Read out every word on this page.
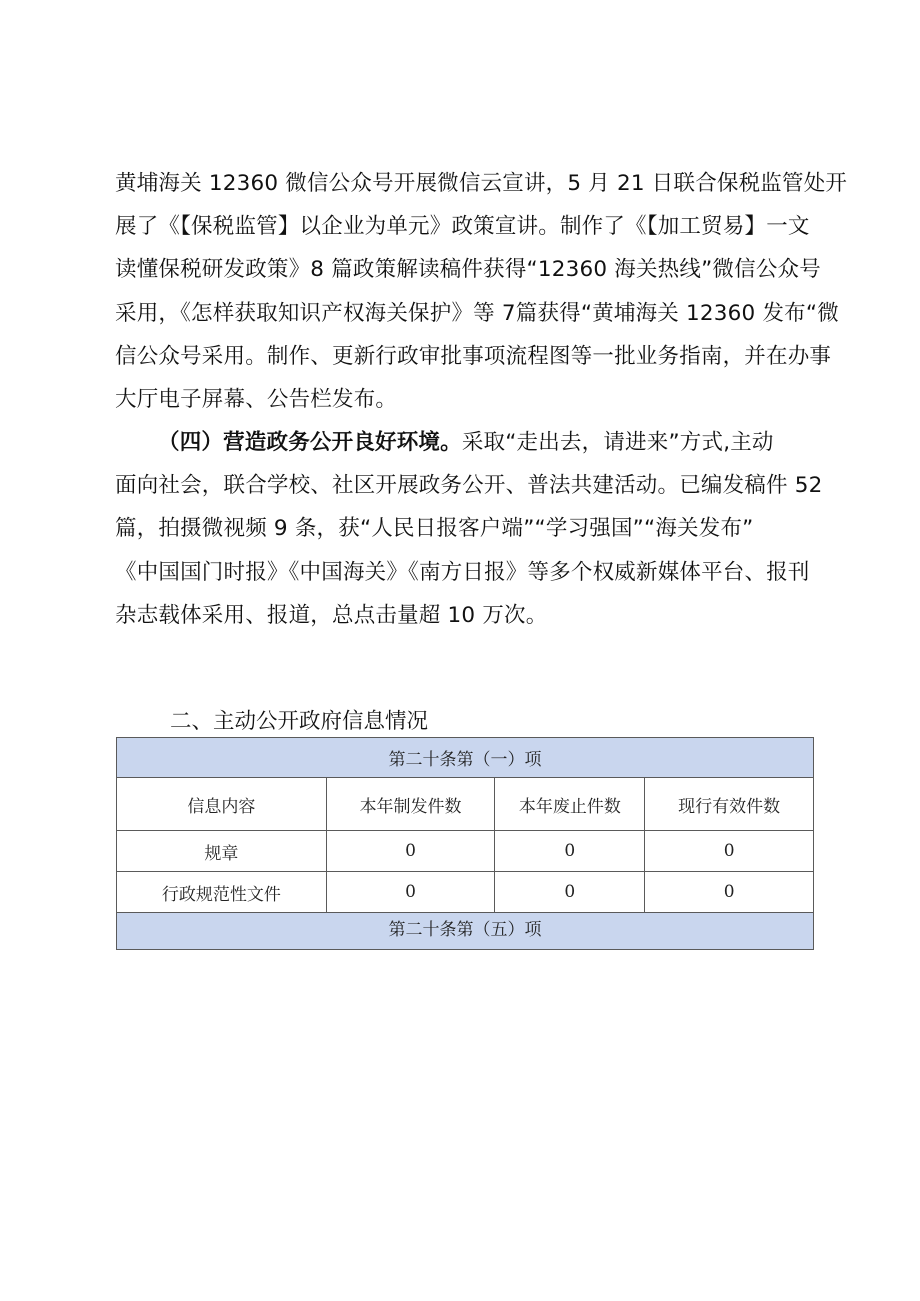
黄埔海关 12360 微信公众号开展微信云宣讲，5 月 21 日联合保税监管处开
展了《【保税监管】以企业为单元》政策宣讲。制作了《【加工贸易】一文
读懂保税研发政策》8 篇政策解读稿件获得“12360 海关热线”微信公众号
采用，《怎样获取知识产权海关保护》等 7篇获得“黄埔海关 12360 发布“微
信公众号采用。制作、更新行政审批事项流程图等一批业务指南，并在办事
大厅电子屏幕、公告栏发布。
（四）营造政务公开良好环境。采取“走出去，请进来”方式,主动
面向社会，联合学校、社区开展政务公开、普法共建活动。已编发稿件 52
篇，拍摄微视频 9 条，获“人民日报客户端”“学习强国”“海关发布”
《中国国门时报》《中国海关》《南方日报》等多个权威新媒体平台、报刊
杂志载体采用、报道，总点击量超 10 万次。
二、主动公开政府信息情况
第二十条第（一）项			
信息内容	本年制发件数	本年废止件数	现行有效件数
规章	0	0	0
行政规范性文件	0	0	0
第二十条第（五）项			
